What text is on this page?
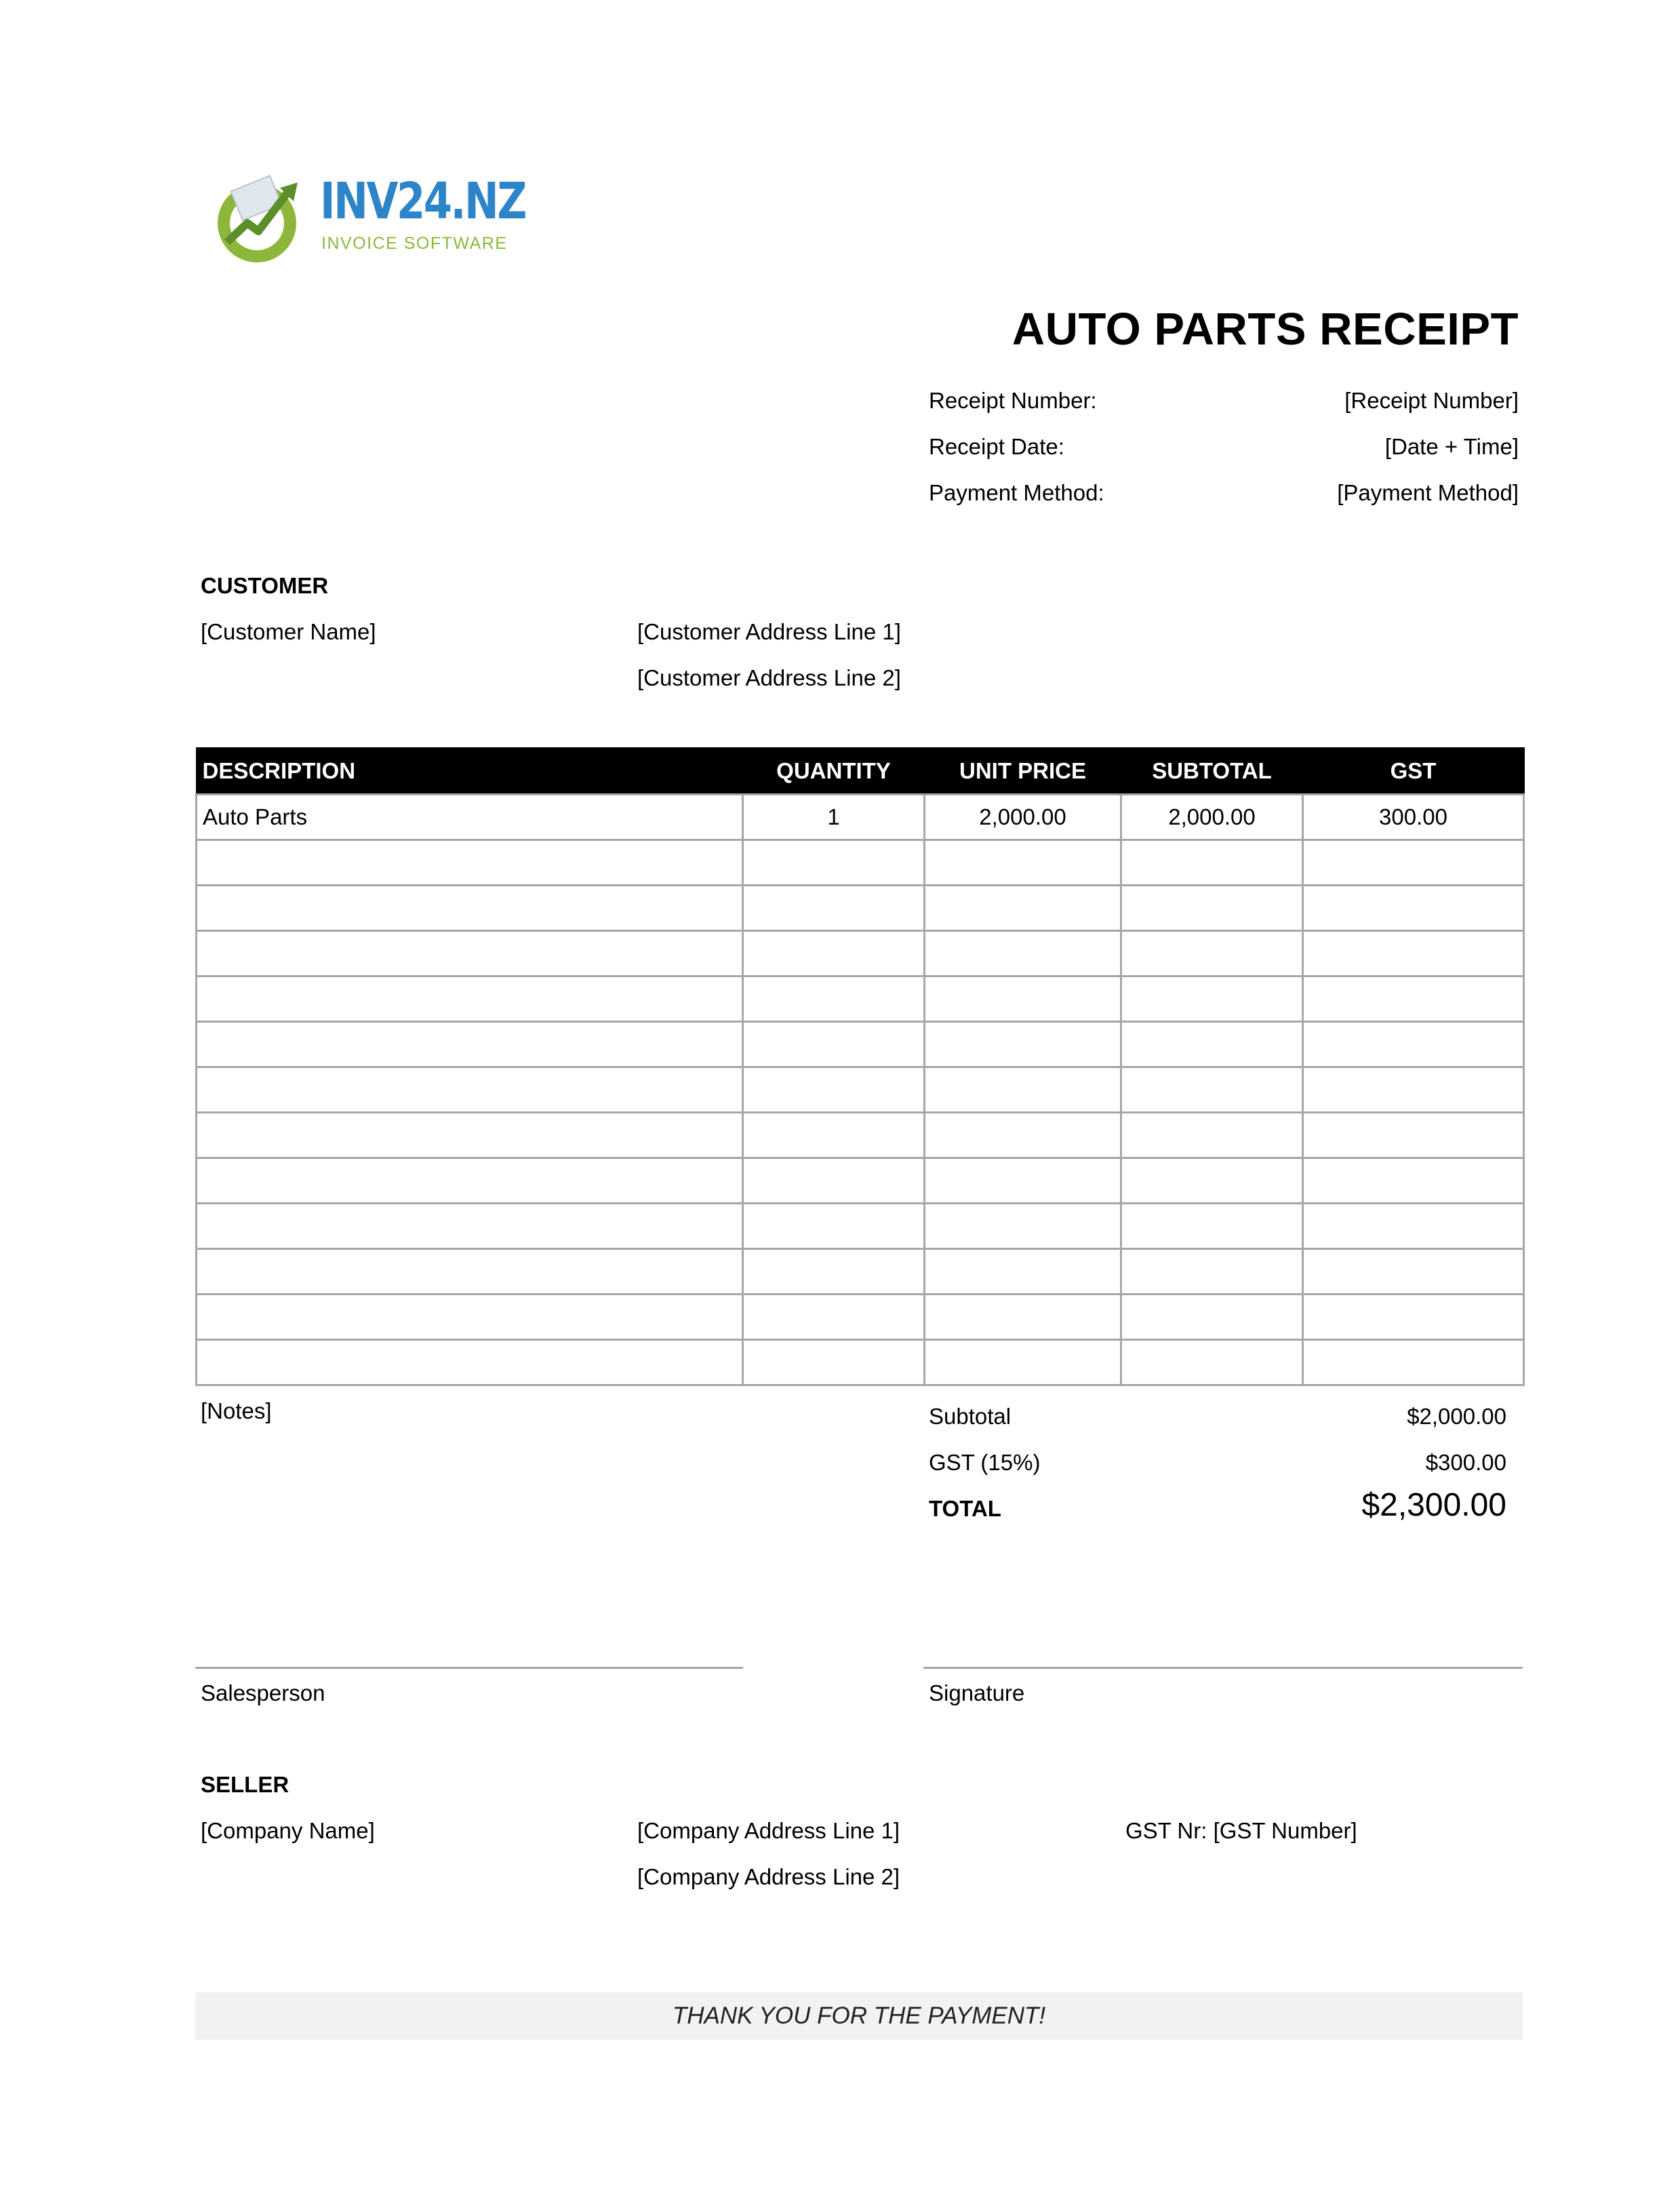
INV24.NZ
INVOICE SOFTWARE
AUTO PARTS RECEIPT
Receipt Number:	[Receipt Number]
Receipt Date:	[Date + Time]
Payment Method:	[Payment Method]
CUSTOMER
[Customer Name]	[Customer Address Line 1]
[Customer Address Line 2]
DESCRIPTION	QUANTITY	UNIT PRICE	SUBTOTAL	GST
Auto Parts	1	2,000.00	2,000.00	300.00

[Notes]	Subtotal	$2,000.00
GST (15%)	$300.00
TOTAL	$2,300.00
Salesperson	Signature
SELLER
[Company Name]	[Company Address Line 1]
[Company Address Line 2]
GST Nr: [GST Number]
THANK YOU FOR THE PAYMENT!
